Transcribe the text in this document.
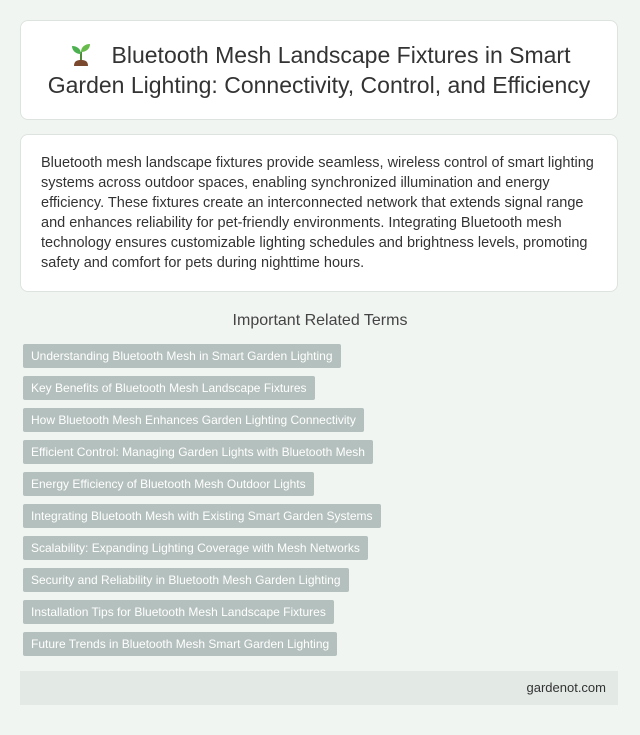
Bluetooth Mesh Landscape Fixtures in Smart Garden Lighting: Connectivity, Control, and Efficiency

Bluetooth mesh landscape fixtures provide seamless, wireless control of smart lighting systems across outdoor spaces, enabling synchronized illumination and energy efficiency. These fixtures create an interconnected network that extends signal range and enhances reliability for pet-friendly environments. Integrating Bluetooth mesh technology ensures customizable lighting schedules and brightness levels, promoting safety and comfort for pets during nighttime hours.

Important Related Terms
Understanding Bluetooth Mesh in Smart Garden Lighting
Key Benefits of Bluetooth Mesh Landscape Fixtures
How Bluetooth Mesh Enhances Garden Lighting Connectivity
Efficient Control: Managing Garden Lights with Bluetooth Mesh
Energy Efficiency of Bluetooth Mesh Outdoor Lights
Integrating Bluetooth Mesh with Existing Smart Garden Systems
Scalability: Expanding Lighting Coverage with Mesh Networks
Security and Reliability in Bluetooth Mesh Garden Lighting
Installation Tips for Bluetooth Mesh Landscape Fixtures
Future Trends in Bluetooth Mesh Smart Garden Lighting
gardenot.com
